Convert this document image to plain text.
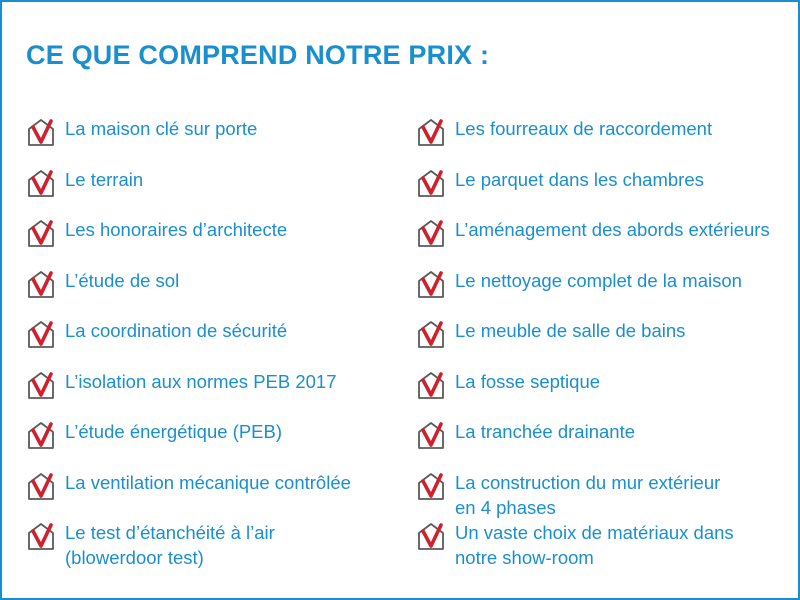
CE QUE COMPREND NOTRE PRIX :
La maison clé sur porte
Le terrain
Les honoraires d’architecte
L’étude de sol
La coordination de sécurité
L’isolation aux normes PEB 2017
L’étude énergétique (PEB)
La ventilation mécanique contrôlée
Le test d’étanchéité à l’air
(blowerdoor test)
Les fourreaux de raccordement
Le parquet dans les chambres
L’aménagement des abords extérieurs
Le nettoyage complet de la maison
Le meuble de salle de bains
La fosse septique
La tranchée drainante
La construction du mur extérieur
en 4 phases
Un vaste choix de matériaux dans
notre show-room
